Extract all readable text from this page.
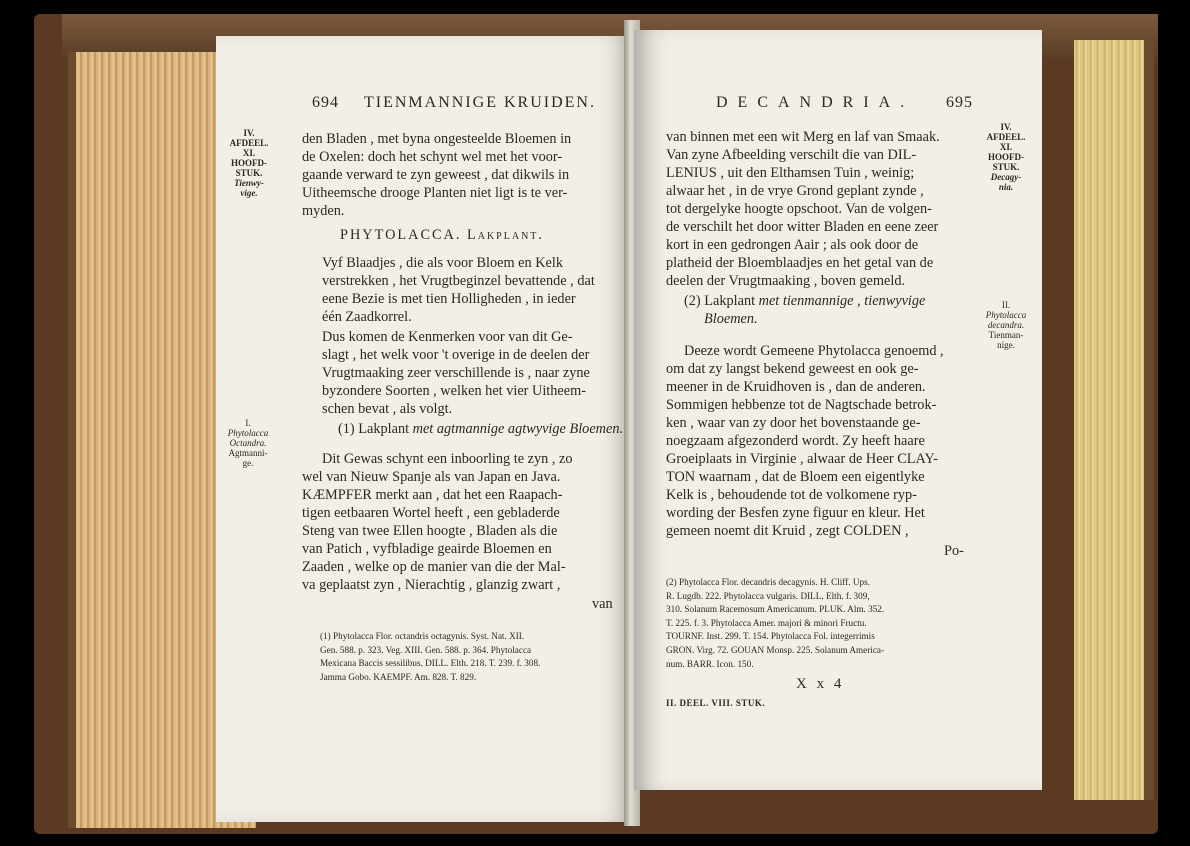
694 TIENMANNIGE KRUIDEN.
IV.
AFDEEL.
XI.
HOOFD-
STUK.
Tienwy-
vige.
den Bladen , met byna ongesteelde Bloemen in
de Oxelen: doch het schynt wel met het voor-
gaande verward te zyn geweest , dat dikwils in
Uitheemsche drooge Planten niet ligt is te ver-
myden.
PHYTOLACCA. Lakplant.
Vyf Blaadjes , die als voor Bloem en Kelk
verstrekken , het Vrugtbeginzel bevattende , dat
eene Bezie is met tien Holligheden , in ieder
één Zaadkorrel.
Dus komen de Kenmerken voor van dit Ge-
slagt , het welk voor 't overige in de deelen der
Vrugtmaaking zeer verschillende is , naar zyne
byzondere Soorten , welken het vier Uitheem-
schen bevat , als volgt.
I.
Phytolacca
Octandra.
Agtmanni-
ge.
(1) Lakplant met agtmannige agtwyvige Bloemen.
Dit Gewas schynt een inboorling te zyn , zo
wel van Nieuw Spanje als van Japan en Java.
KÆMPFER merkt aan , dat het een Raapach-
tigen eetbaaren Wortel heeft , een gebladerde
Steng van twee Ellen hoogte , Bladen als die
van Patich , vyfbladige geairde Bloemen en
Zaaden , welke op de manier van die der Mal-
va geplaatst zyn , Nierachtig , glanzig zwart ,
van
(1) Phytolacca Flor. octandris octagynis. Syst. Nat. XII.
Gen. 588. p. 323. Veg. XIII. Gen. 588. p. 364. Phytolacca
Mexicana Baccis sessilibus. DILL. Elth. 218. T. 239. f. 308.
Jamma Gobo. KAEMPF. Am. 828. T. 829.
DECANDRIA. 695
IV.
AFDEEL.
XI.
HOOFD-
STUK.
Decagy-
nia.
van binnen met een wit Merg en laf van Smaak.
Van zyne Afbeelding verschilt die van DIL-
LENIUS , uit den Elthamsen Tuin , weinig;
alwaar het , in de vrye Grond geplant zynde ,
tot dergelyke hoogte opschoot. Van de volgen-
de verschilt het door witter Bladen en eene zeer
kort in een gedrongen Aair ; als ook door de
platheid der Bloemblaadjes en het getal van de
deelen der Vrugtmaaking , boven gemeld.
(2) Lakplant met tienmannige , tienwyvige
Bloemen.
II.
Phytolacca
decandra.
Tienman-
nige.
Deeze wordt Gemeene Phytolacca genoemd ,
om dat zy langst bekend geweest en ook ge-
meener in de Kruidhoven is , dan de anderen.
Sommigen hebbenze tot de Nagtschade betrok-
ken , waar van zy door het bovenstaande ge-
noegzaam afgezonderd wordt. Zy heeft haare
Groeiplaats in Virginie , alwaar de Heer CLAY-
TON waarnam , dat de Bloem een eigentlyke
Kelk is , behoudende tot de volkomene ryp-
wording der Besfen zyne figuur en kleur. Het
gemeen noemt dit Kruid , zegt COLDEN ,
Po-
(2) Phytolacca Flor. decandris decagynis. H. Cliff. Ups.
R. Lugdb. 222. Phytolacca vulgaris. DILL. Elth. f. 309,
310. Solanum Racemosum Americanum. PLUK. Alm. 352.
T. 225. f. 3. Phytolacca Amer. majori & minori Fructu.
TOURNF. Inst. 299. T. 154. Phytolacca Fol. integerrimis
GRON. Virg. 72. GOUAN Monsp. 225. Solanum America-
num. BARR. Icon. 150.
X x 4
II. DEEL. VIII. STUK.
